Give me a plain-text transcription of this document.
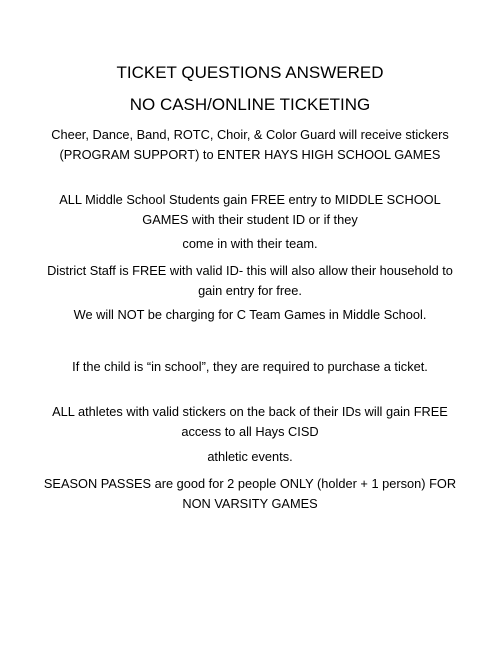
TICKET QUESTIONS ANSWERED
NO CASH/ONLINE TICKETING
Cheer, Dance, Band, ROTC, Choir, & Color Guard will receive stickers (PROGRAM SUPPORT) to ENTER HAYS HIGH SCHOOL GAMES
ALL Middle School Students gain FREE entry to MIDDLE SCHOOL GAMES with their student ID or if they
come in with their team.
District Staff is FREE with valid ID- this will also allow their household to gain entry for free.
We will NOT be charging for C Team Games in Middle School.
If the child is “in school”, they are required to purchase a ticket.
ALL athletes with valid stickers on the back of their IDs will gain FREE access to all Hays CISD
athletic events.
SEASON PASSES are good for 2 people ONLY (holder + 1 person) FOR NON VARSITY GAMES
